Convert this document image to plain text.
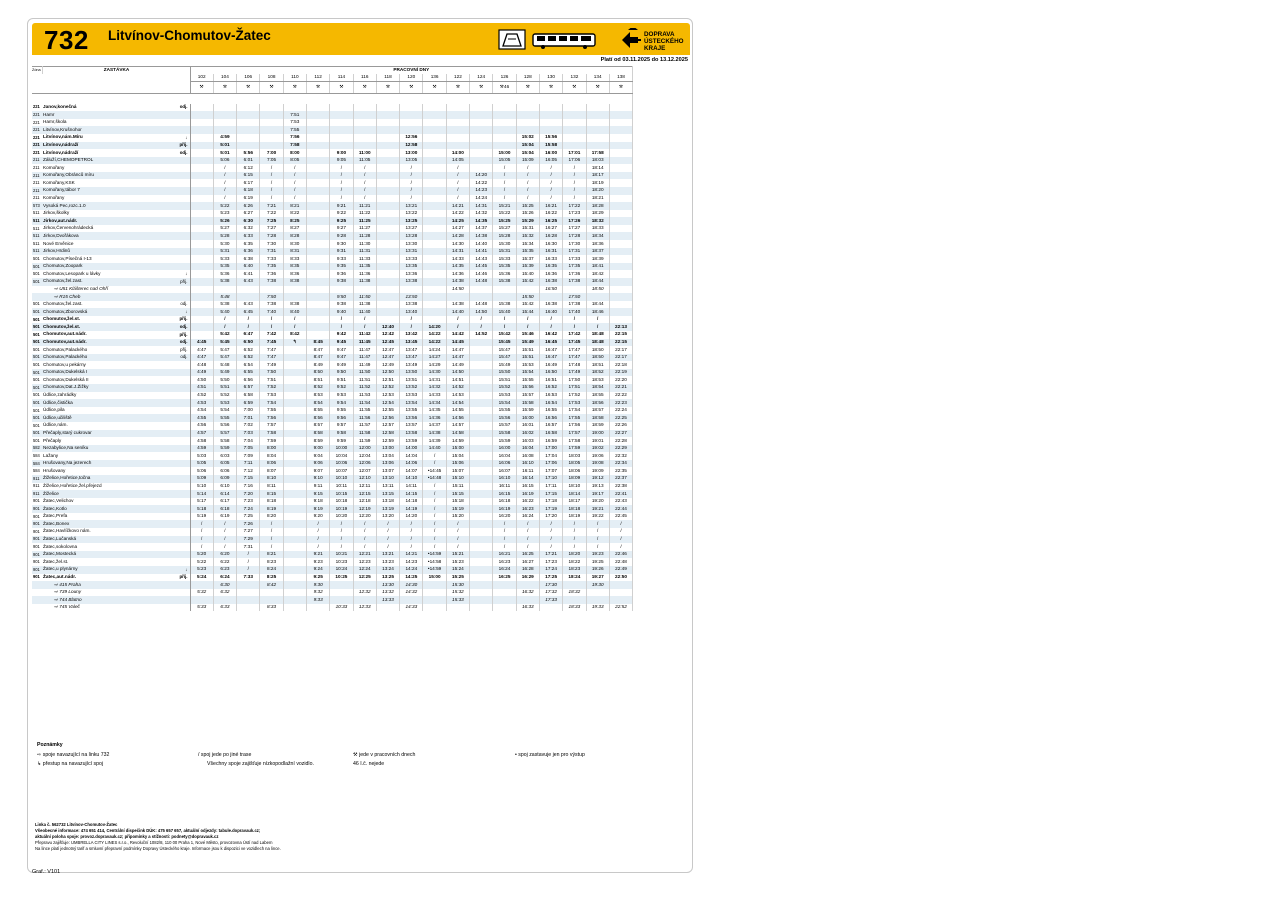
732 Litvínov-Chomutov-Žatec	DOPRAVA
ÚSTECKÉHO
KRAJE
Platí od 03.11.2025 do 13.12.2025
Zóna	ZASTÁVKA		PRACOVNÍ DNY																		
			102	104	106	108	110	112	114	116	118	120	136	122	124	126	128	130	132	134	138
			⚒	⚒	⚒	⚒	⚒	⚒	⚒	⚒	⚒	⚒	⚒	⚒	⚒	⚒46	⚒	⚒	⚒	⚒	⚒

221	Janov,konečná	odj.																			
221	Hamr						7:51														
221	Hamr,škola						7:53														
221	Litvínov,Krušnohor						7:55														
221	Litvínov,nám.Míru	↓		4:59			7:56					12:56					15:02	15:56			
221	Litvínov,nádraží	příj.		5:01			7:58					12:58					15:04	15:58			
221	Litvínov,nádraží	odj.		5:01	5:56	7:00	8:00		9:00	11:00		13:00		14:00		15:00	15:04	16:00	17:01	17:58	
211	Záluží,CHEMOPETROL			5:06	6:01	7:05	8:05		9:05	11:05		13:05		14:05		15:05	15:09	16:05	17:06	18:03	
211	Komořany			/	6:12	/	/		/	/		/		/		/	/	/	/	18:14	
211	Komořany,Obránců míru			/	6:15	/	/		/	/		/		/	14:20	/	/	/	/	18:17	
211	Komořany,KSK			/	6:17	/	/		/	/		/		/	14:22	/	/	/	/	18:19	
211	Komořany,tábor 7			/	6:18	/	/		/	/		/		/	14:23	/	/	/	/	18:20	
211	Komořany			/	6:19	/	/		/	/		/		/	14:24	/	/	/	/	18:21	
573	Vysoká Pec,rozc.1.0			5:22	6:26	7:21	8:21		9:21	11:21		13:21		14:21	14:31	15:21	15:25	16:21	17:22	18:28	
511	Jirkov,školky			5:23	6:27	7:22	8:22		9:22	11:22		13:22		14:22	14:32	15:22	15:26	16:22	17:23	18:29	
511	Jirkov,aut.nádr.			5:26	6:30	7:25	8:25		9:25	11:25		13:25		14:25	14:35	15:25	15:29	16:25	17:26	18:32	
511	Jirkov,Červenohrádecká			5:27	6:32	7:27	8:27		9:27	11:27		13:27		14:27	14:37	15:27	15:31	16:27	17:27	18:33	
511	Jirkov,Dvořákova			5:28	6:33	7:28	8:28		9:28	11:28		13:28		14:28	14:38	15:28	15:32	16:28	17:28	18:34	
511	Nové Ervěnice			5:30	6:35	7:30	8:30		9:30	11:30		13:30		14:30	14:40	15:30	15:34	16:30	17:30	18:36	
511	Jirkov,Hrdinů			5:31	6:36	7:31	8:31		9:31	11:31		13:31		14:31	14:41	15:31	15:35	16:31	17:31	18:37	
501	Chomutov,Písečná I-13			5:33	6:38	7:33	8:33		9:33	11:33		13:33		14:33	14:43	15:33	15:37	16:33	17:33	18:39	
501	Chomutov,Zoopark			5:35	6:40	7:35	8:35		9:35	11:35		13:35		14:35	14:45	15:35	15:39	16:35	17:35	18:41	
501	Chomutov,Lesopark u lávky	↓		5:36	6:41	7:36	8:36		9:36	11:36		13:36		14:36	14:46	15:36	15:40	16:36	17:36	18:42	
501	Chomutov,žel.zast.	příj.		5:38	6:43	7:38	8:38		9:38	11:38		13:38		14:38	14:48	15:38	15:42	16:38	17:38	18:44	
	⇨ U51 Klášterec nad Ohří													14:50				16:50		18:50	
	⇨ R15 Cheb			5:48		7:50			9:50	11:50		13:50					15:50		17:50		
501	Chomutov,žel.zast.	odj.		5:38	6:43	7:38	8:38		9:38	11:38		13:38		14:38	14:48	15:38	15:42	16:38	17:38	18:44	
501	Chomutov,Zborovská	↓		5:40	6:45	7:40	8:40		9:40	11:40		13:40		14:40	14:50	15:40	15:44	16:40	17:40	18:46	
501	Chomutov,žel.st.	příj.		/	/	/	/		/	/		/		/	/	/	/	/	/	/	
501	Chomutov,žel.st.	odj.		/	/	/	/		/	/	12:40	/	14:20	/	/	/	/	/	/	/	22:13
501	Chomutov,aut.nádr.	příj.		5:42	6:47	7:42	8:42		9:42	11:42	12:42	13:42	14:22	14:42	14:52	15:42	15:46	16:42	17:42	18:48	22:15
501	Chomutov,aut.nádr.	odj.	4:45	5:45	6:50	7:45	↰	8:45	9:45	11:45	12:45	13:45	14:22	14:45		15:45	15:49	16:45	17:45	18:48	22:15
501	Chomutov,Palackého	příj.	4:47	5:47	6:52	7:47		8:47	9:47	11:47	12:47	13:47	14:24	14:47		15:47	15:51	16:47	17:47	18:50	22:17
501	Chomutov,Palackého	odj.	4:47	5:47	6:52	7:47		8:47	9:47	11:47	12:47	13:47	14:27	14:47		15:47	15:51	16:47	17:47	18:50	22:17
501	Chomutov,u pekárny		4:48	5:48	6:54	7:49		8:49	9:49	11:49	12:49	13:49	14:29	14:49		15:49	15:53	16:49	17:48	18:51	22:18
501	Chomutov,Dukelská I		4:49	5:49	6:55	7:50		8:50	9:50	11:50	12:50	13:50	14:30	14:50		15:50	15:54	16:50	17:49	18:52	22:19
501	Chomutov,Dukelská II		4:50	5:50	6:56	7:51		8:51	9:51	11:51	12:51	13:51	14:31	14:51		15:51	15:55	16:51	17:50	18:53	22:20
501	Chomutov,Dat.J.Žižky		4:51	5:51	6:57	7:52		8:52	9:52	11:52	12:52	13:52	14:32	14:52		15:52	15:56	16:52	17:51	18:54	22:21
501	Údlice,zahrádky		4:52	5:52	6:58	7:53		8:53	9:53	11:53	12:53	13:53	14:33	14:53		15:53	15:57	16:53	17:52	18:55	22:22
501	Údlice,čistička		4:53	5:53	6:59	7:54		8:54	9:54	11:54	12:54	13:54	14:34	14:54		15:54	15:58	16:54	17:53	18:56	22:23
501	Údlice,pila		4:54	5:54	7:00	7:55		8:55	9:55	11:55	12:55	13:55	14:35	14:55		15:55	15:59	16:55	17:54	18:57	22:24
501	Údlice,učiliště		4:55	5:55	7:01	7:56		8:56	9:56	11:56	12:56	13:56	14:36	14:56		15:56	16:00	16:56	17:55	18:58	22:25
501	Údlice,nám.		4:56	5:56	7:02	7:57		8:57	9:57	11:57	12:57	13:57	14:37	14:57		15:57	16:01	16:57	17:56	18:59	22:26
501	Přečaply,starý cukrovar		4:57	5:57	7:03	7:58		8:58	9:58	11:58	12:58	13:58	14:38	14:58		15:58	16:02	16:58	17:57	19:00	22:27
501	Přečaply		4:58	5:58	7:04	7:59		8:59	9:59	11:59	12:59	13:59	14:39	14:59		15:59	16:03	16:59	17:58	19:01	22:28
582	Nezabylice,Na seníku		4:59	5:59	7:05	8:00		9:00	10:00	12:00	13:00	14:00	14:40	15:00		16:00	16:04	17:00	17:59	19:02	22:29
584	Lažany		5:03	6:03	7:09	8:04		9:04	10:04	12:04	13:04	14:04	/	15:04		16:04	16:08	17:04	18:03	19:06	22:32
584	Hrušovany,Na jezerech		5:05	6:05	7:11	8:06		9:06	10:06	12:06	13:06	14:06	/	15:06		16:06	16:10	17:06	18:05	19:08	22:34
584	Hrušovany		5:06	6:06	7:12	8:07		9:07	10:07	12:07	13:07	14:07	•14:45	15:07		16:07	16:11	17:07	18:06	19:09	22:35
911	Žiželice,Hořetice,točna		5:09	6:09	7:15	8:10		9:10	10:10	12:10	13:10	14:10	•14:48	15:10		16:10	16:14	17:10	18:09	19:12	22:37
911	Žiželice,Hořetice,žel.přejezd		5:10	6:10	7:16	8:11		9:11	10:11	12:11	13:11	14:11	/	15:11		16:11	16:15	17:11	18:10	19:13	22:38
911	Žiželice		5:14	6:14	7:20	8:15		9:15	10:15	12:15	13:15	14:15	/	15:15		16:15	16:19	17:15	18:14	19:17	22:41
901	Žatec,Velichov		5:17	6:17	7:23	8:18		9:18	10:18	12:18	13:18	14:18	/	15:18		16:18	16:22	17:18	18:17	19:20	22:43
901	Žatec,Kotlo		5:18	6:18	7:24	8:19		9:19	10:19	12:19	13:19	14:19	/	15:19		16:19	16:23	17:19	18:18	19:21	22:44
901	Žatec,Prefa		5:19	6:19	7:25	8:20		9:20	10:20	12:20	13:20	14:20	/	15:20		16:20	16:24	17:20	18:19	19:22	22:45
901	Žatec,Bonex		/	/	7:26	/		/	/	/	/	/	/	/		/	/	/	/	/	/
901	Žatec,Havlíčkovo nám.		/	/	7:27	/		/	/	/	/	/	/	/		/	/	/	/	/	/
901	Žatec,Lučanská		/	/	7:29	/		/	/	/	/	/	/	/		/	/	/	/	/	/
901	Žatec,sokolovna		/	/	7:31	/		/	/	/	/	/	/	/		/	/	/	/	/	/
901	Žatec,Mostecká		5:20	6:20	/	8:21		9:21	10:21	12:21	13:21	14:21	•14:59	15:21		16:21	16:25	17:21	18:20	19:23	22:46
901	Žatec,žel.st.		5:22	6:22	/	8:23		9:23	10:23	12:23	13:23	14:23	•14:58	15:23		16:23	16:27	17:23	18:22	19:25	22:48
901	Žatec,u plynárny	↓	5:23	6:23	/	8:24		9:24	10:24	12:24	13:24	14:24	•14:59	15:24		16:24	16:28	17:24	18:23	19:26	22:49
901	Žatec,aut.nádr.	příj.	5:24	6:24	7:33	8:25		9:25	10:25	12:25	13:25	14:25	15:00	15:25		16:25	16:29	17:25	18:24	19:27	22:50
	⇨ 415 Praha			6:30		8:42		9:30			13:30	14:30		15:30				17:30		19:30	
	⇨ 739 Louny		5:32	6:32				9:32		12:32	13:32	14:32		15:32			16:32	17:32	18:32		
	⇨ 744 Blatno							9:33			13:33			15:33				17:33			
	⇨ 745 Valeč		5:33	6:33		8:33			10:33	12:33		14:33					16:33		18:33	19:33	22:52
Poznámky
⇨ spoje navazující na linku 732
↳ přestup na navazující spoj
/ spoj jede po jiné trase
Všechny spoje zajišťuje nízkopodlažní vozidlo.
⚒ jede v pracovních dnech
46 I.č. nejede
• spoj zastavuje jen pro výstup
Linka č. 562732 Litvínov-Chomutov-Žatec
Všeobecné informace: 474 651 414, Centrální dispečink DÚK: 475 657 657, aktuální odjezdy: tabule.dopravauk.cz;
aktuální poloha spoje: provoz.dopravauk.cz; připomínky a stížnosti: podnety@dopravauk.cz
Přepravu zajišťuje: UMBRELLA CITY LINES s.r.o., Revoluční 1082/8, 110 00 Praha 1, Nové Město, provozovna Ústí nad Labem
Na lince platí jednotný tarif a smluvní přepravní podmínky Dopravy Ústeckého kraje. Informace jsou k dispozici ve vozidlech na lince.
Graf.: V101
